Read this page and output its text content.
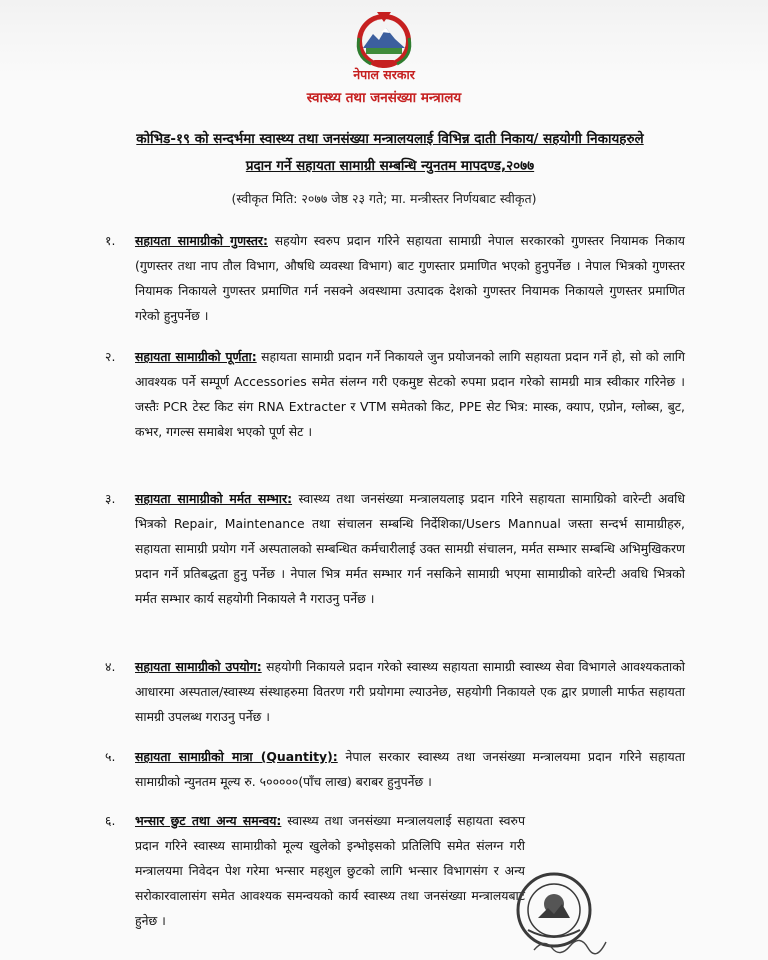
नेपाल सरकार
स्वास्थ्य तथा जनसंख्या मन्त्रालय
कोभिड-१९ को सन्दर्भमा स्वास्थ्य तथा जनसंख्या मन्त्रालयलाई विभिन्न दाती निकाय/ सहयोगी निकायहरुले
प्रदान गर्ने सहायता सामाग्री सम्बन्धि न्युनतम मापदण्ड,२०७७
(स्वीकृत मिति: २०७७ जेष्ठ २३ गते; मा. मन्त्रीस्तर निर्णयबाट स्वीकृत)
१. सहायता सामाग्रीको गुणस्तर: सहयोग स्वरुप प्रदान गरिने सहायता सामाग्री नेपाल सरकारको गुणस्तर नियामक निकाय (गुणस्तर तथा नाप तौल विभाग, औषधि व्यवस्था विभाग) बाट गुणस्तार प्रमाणित भएको हुनुपर्नेछ । नेपाल भित्रको गुणस्तर नियामक निकायले गुणस्तर प्रमाणित गर्न नसक्ने अवस्थामा उत्पादक देशको गुणस्तर नियामक निकायले गुणस्तर प्रमाणित गरेको हुनुपर्नेछ ।
२. सहायता सामाग्रीको पूर्णता: सहायता सामाग्री प्रदान गर्ने निकायले जुन प्रयोजनको लागि सहायता प्रदान गर्ने हो, सो को लागि आवश्यक पर्ने सम्पूर्ण Accessories समेत संलग्न गरी एकमुष्ट सेटको रुपमा प्रदान गरेको सामग्री मात्र स्वीकार गरिनेछ । जस्तैः PCR टेस्ट किट संग RNA Extracter र VTM समेतको किट, PPE सेट भित्र: मास्क, क्याप, एप्रोन, ग्लोब्स, बुट, कभर, गगल्स समाबेश भएको पूर्ण सेट ।
३. सहायता सामाग्रीको मर्मत सम्भार: स्वास्थ्य तथा जनसंख्या मन्त्रालयलाइ प्रदान गरिने सहायता सामाग्रिको वारेन्टी अवधि भित्रको Repair, Maintenance तथा संचालन सम्बन्धि निर्देशिका/Users Mannual जस्ता सन्दर्भ सामाग्रीहरु, सहायता सामाग्री प्रयोग गर्ने अस्पतालको सम्बन्धित कर्मचारीलाई उक्त सामग्री संचालन, मर्मत सम्भार सम्बन्धि अभिमुखिकरण प्रदान गर्ने प्रतिबद्धता हुनु पर्नेछ । नेपाल भित्र मर्मत सम्भार गर्न नसकिने सामाग्री भएमा सामाग्रीको वारेन्टी अवधि भित्रको मर्मत सम्भार कार्य सहयोगी निकायले नै गराउनु पर्नेछ ।
४. सहायता सामाग्रीको उपयोग: सहयोगी निकायले प्रदान गरेको स्वास्थ्य सहायता सामाग्री स्वास्थ्य सेवा विभागले आवश्यकताको आधारमा अस्पताल/स्वास्थ्य संस्थाहरुमा वितरण गरी प्रयोगमा ल्याउनेछ, सहयोगी निकायले एक द्वार प्रणाली मार्फत सहायता सामग्री उपलब्ध गराउनु पर्नेछ ।
५. सहायता सामाग्रीको मात्रा (Quantity): नेपाल सरकार स्वास्थ्य तथा जनसंख्या मन्त्रालयमा प्रदान गरिने सहायता सामाग्रीको न्युनतम मूल्य रु. ५०००००(पाँच लाख) बराबर हुनुपर्नेछ ।
६. भन्सार छुट तथा अन्य समन्वय: स्वास्थ्य तथा जनसंख्या मन्त्रालयलाई सहायता स्वरुप प्रदान गरिने स्वास्थ्य सामाग्रीको मूल्य खुलेको इन्भोइसको प्रतिलिपि समेत संलग्न गरी मन्त्रालयमा निवेदन पेश गरेमा भन्सार महशुल छुटको लागि भन्सार विभागसंग र अन्य सरोकारवालासंग समेत आवश्यक समन्वयको कार्य स्वास्थ्य तथा जनसंख्या मन्त्रालयबाट हुनेछ ।
